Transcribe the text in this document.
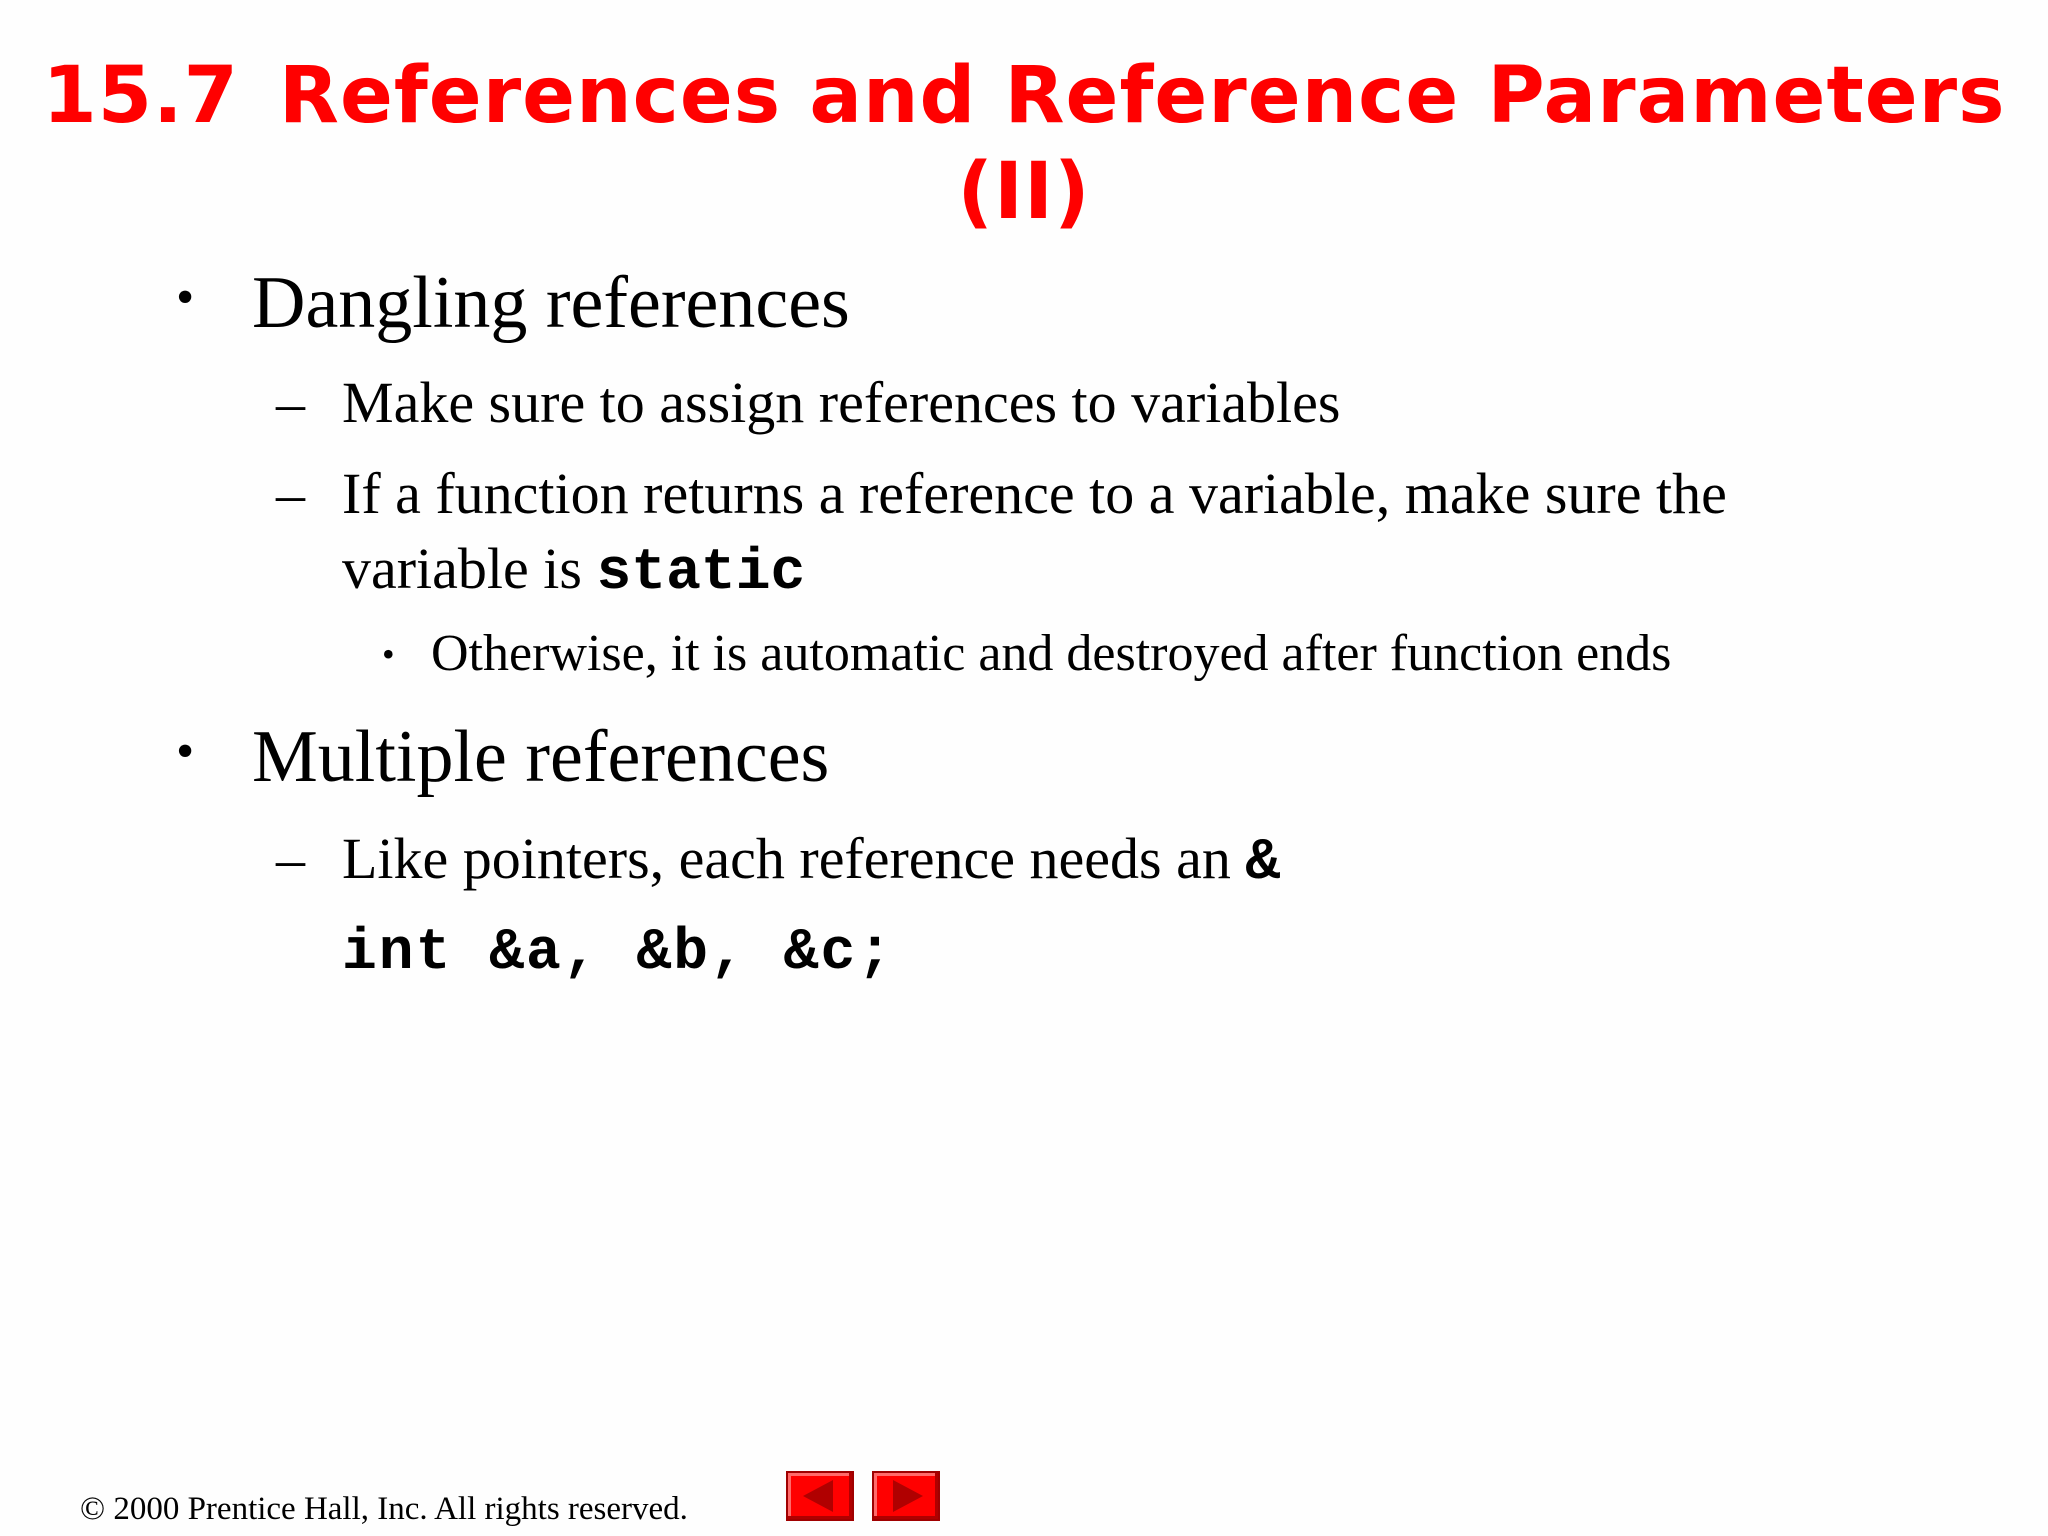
15.7 References and Reference Parameters
(II)
• Dangling references
– Make sure to assign references to variables
– If a function returns a reference to a variable, make sure the
variable is static
• Otherwise, it is automatic and destroyed after function ends
• Multiple references
– Like pointers, each reference needs an &
int &a, &b, &c;
© 2000 Prentice Hall, Inc. All rights reserved.
